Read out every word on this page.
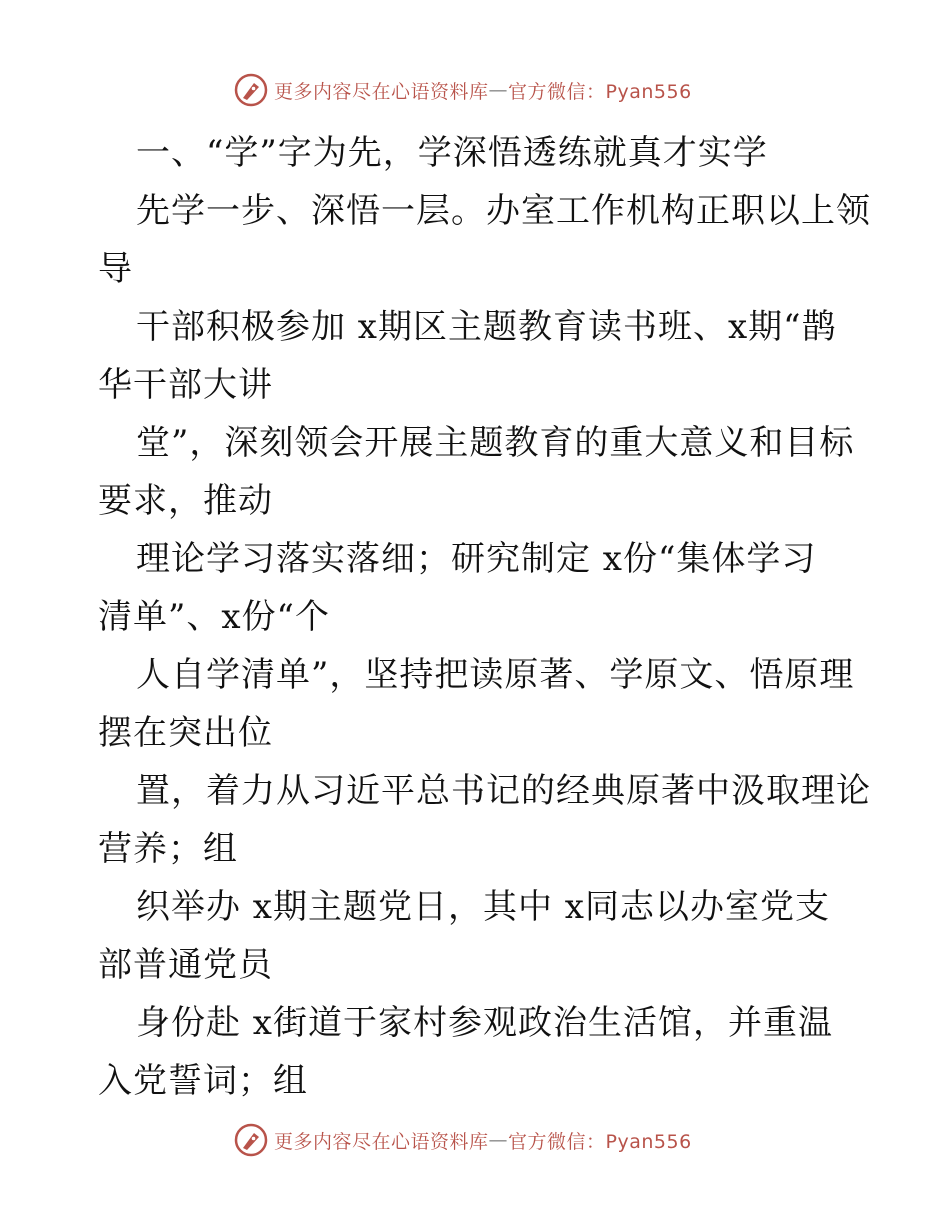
更多内容尽在心语资料库 — 官方微信：Pyan556
一、“学”字为先，学深悟透练就真才实学
先学一步、深悟一层。办室工作机构正职以上领
导
干部积极参加 x期区主题教育读书班、x期“鹊
华干部大讲
堂”，深刻领会开展主题教育的重大意义和目标
要求，推动
理论学习落实落细；研究制定 x份“集体学习
清单”、x份“个
人自学清单”，坚持把读原著、学原文、悟原理
摆在突出位
置，着力从习近平总书记的经典原著中汲取理论
营养；组
织举办 x期主题党日，其中 x同志以办室党支
部普通党员
身份赴 x街道于家村参观政治生活馆，并重温
入党誓词；组
更多内容尽在心语资料库 — 官方微信：Pyan556
